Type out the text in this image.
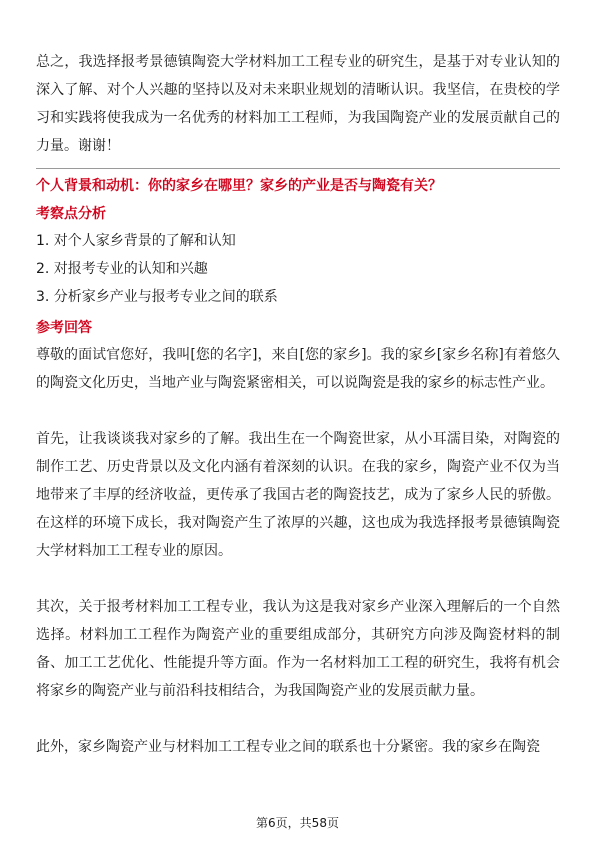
总之，我选择报考景德镇陶瓷大学材料加工工程专业的研究生，是基于对专业认知的深入了解、对个人兴趣的坚持以及对未来职业规划的清晰认识。我坚信，在贵校的学习和实践将使我成为一名优秀的材料加工工程师，为我国陶瓷产业的发展贡献自己的力量。谢谢！

个人背景和动机：你的家乡在哪里？家乡的产业是否与陶瓷有关？

考察点分析

1. 对个人家乡背景的了解和认知

2. 对报考专业的认知和兴趣

3. 分析家乡产业与报考专业之间的联系

参考回答

尊敬的面试官您好，我叫[您的名字]，来自[您的家乡]。我的家乡[家乡名称]有着悠久的陶瓷文化历史，当地产业与陶瓷紧密相关，可以说陶瓷是我的家乡的标志性产业。

首先，让我谈谈我对家乡的了解。我出生在一个陶瓷世家，从小耳濡目染，对陶瓷的制作工艺、历史背景以及文化内涵有着深刻的认识。在我的家乡，陶瓷产业不仅为当地带来了丰厚的经济收益，更传承了我国古老的陶瓷技艺，成为了家乡人民的骄傲。在这样的环境下成长，我对陶瓷产生了浓厚的兴趣，这也成为我选择报考景德镇陶瓷大学材料加工工程专业的原因。

其次，关于报考材料加工工程专业，我认为这是我对家乡产业深入理解后的一个自然选择。材料加工工程作为陶瓷产业的重要组成部分，其研究方向涉及陶瓷材料的制备、加工工艺优化、性能提升等方面。作为一名材料加工工程的研究生，我将有机会将家乡的陶瓷产业与前沿科技相结合，为我国陶瓷产业的发展贡献力量。

此外，家乡陶瓷产业与材料加工工程专业之间的联系也十分紧密。我的家乡在陶瓷

第6页，共58页
